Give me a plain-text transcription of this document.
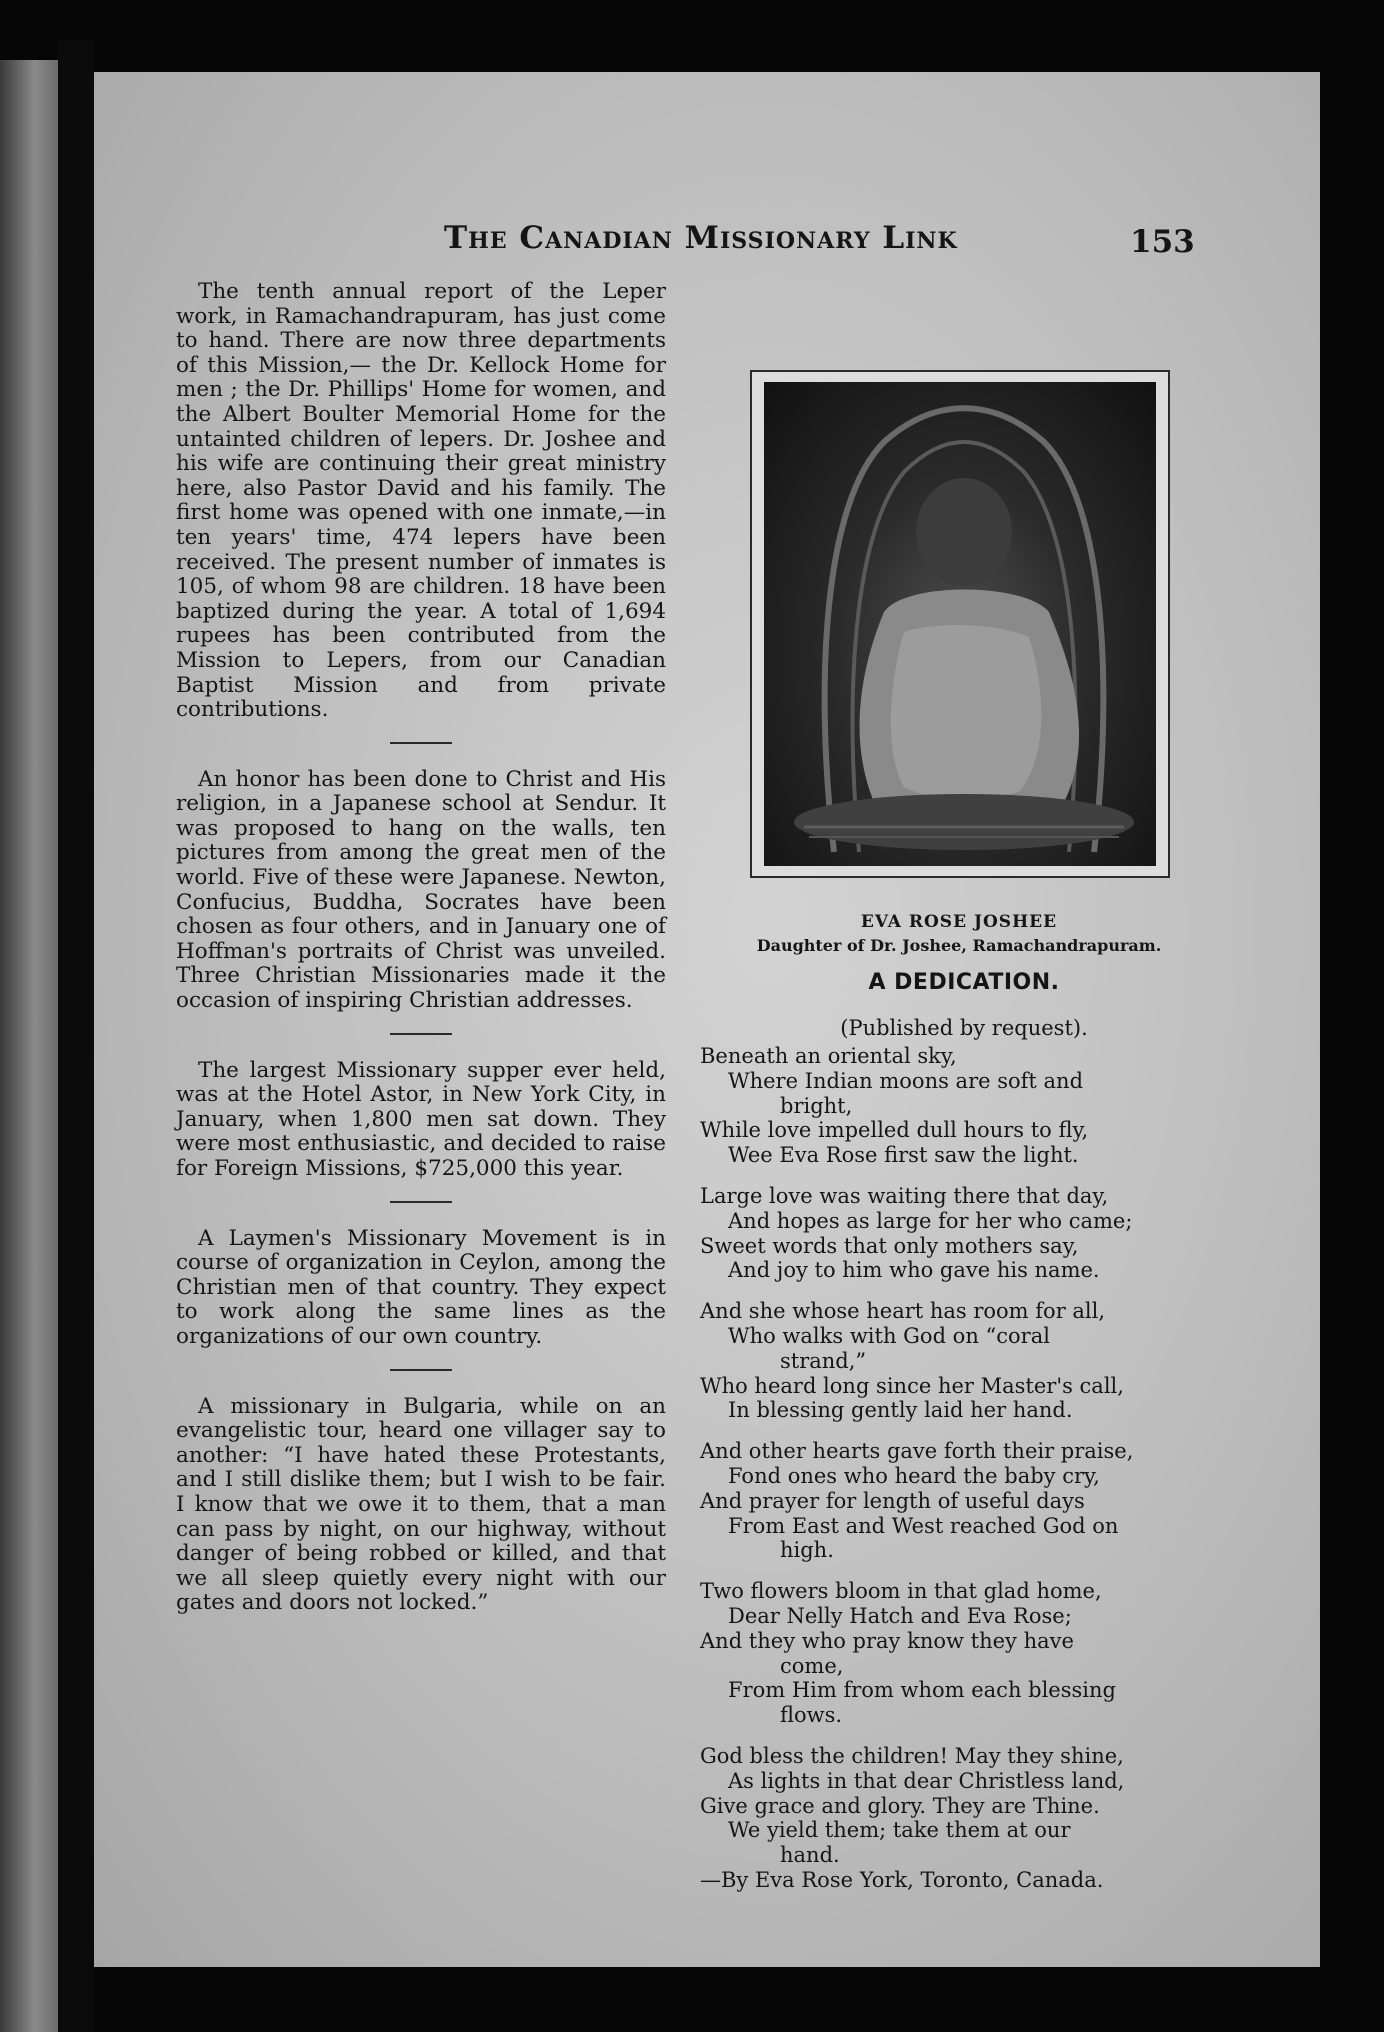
The Canadian Missionary Link	153

The tenth annual report of the Leper work, in Ramachandrapuram, has just come to hand. There are now three departments of this Mission,— the Dr. Kellock Home for men ; the Dr. Phillips' Home for women, and the Albert Boulter Memorial Home for the untainted children of lepers. Dr. Joshee and his wife are continuing their great ministry here, also Pastor David and his family. The first home was opened with one inmate,—in ten years' time, 474 lepers have been received. The present number of inmates is 105, of whom 98 are children. 18 have been baptized during the year. A total of 1,694 rupees has been contributed from the Mission to Lepers, from our Canadian Baptist Mission and from private contributions.

An honor has been done to Christ and His religion, in a Japanese school at Sendur. It was proposed to hang on the walls, ten pictures from among the great men of the world. Five of these were Japanese. Newton, Confucius, Buddha, Socrates have been chosen as four others, and in January one of Hoffman's portraits of Christ was unveiled. Three Christian Missionaries made it the occasion of inspiring Christian addresses.

The largest Missionary supper ever held, was at the Hotel Astor, in New York City, in January, when 1,800 men sat down. They were most enthusiastic, and decided to raise for Foreign Missions, $725,000 this year.

A Laymen's Missionary Movement is in course of organization in Ceylon, among the Christian men of that country. They expect to work along the same lines as the organizations of our own country.

A missionary in Bulgaria, while on an evangelistic tour, heard one villager say to another: “I have hated these Protestants, and I still dislike them; but I wish to be fair. I know that we owe it to them, that a man can pass by night, on our highway, without danger of being robbed or killed, and that we all sleep quietly every night with our gates and doors not locked.”

EVA ROSE JOSHEE
Daughter of Dr. Joshee, Ramachandrapuram.
A DEDICATION.
(Published by request).

Beneath an oriental sky,

Where Indian moons are soft and

bright,

While love impelled dull hours to fly,

Wee Eva Rose first saw the light.

Large love was waiting there that day,

And hopes as large for her who came;

Sweet words that only mothers say,

And joy to him who gave his name.

And she whose heart has room for all,

Who walks with God on “coral

strand,”

Who heard long since her Master's call,

In blessing gently laid her hand.

And other hearts gave forth their praise,

Fond ones who heard the baby cry,

And prayer for length of useful days

From East and West reached God on

high.

Two flowers bloom in that glad home,

Dear Nelly Hatch and Eva Rose;

And they who pray know they have

come,

From Him from whom each blessing

flows.

God bless the children! May they shine,

As lights in that dear Christless land,

Give grace and glory. They are Thine.

We yield them; take them at our

hand.

—By Eva Rose York, Toronto, Canada.
